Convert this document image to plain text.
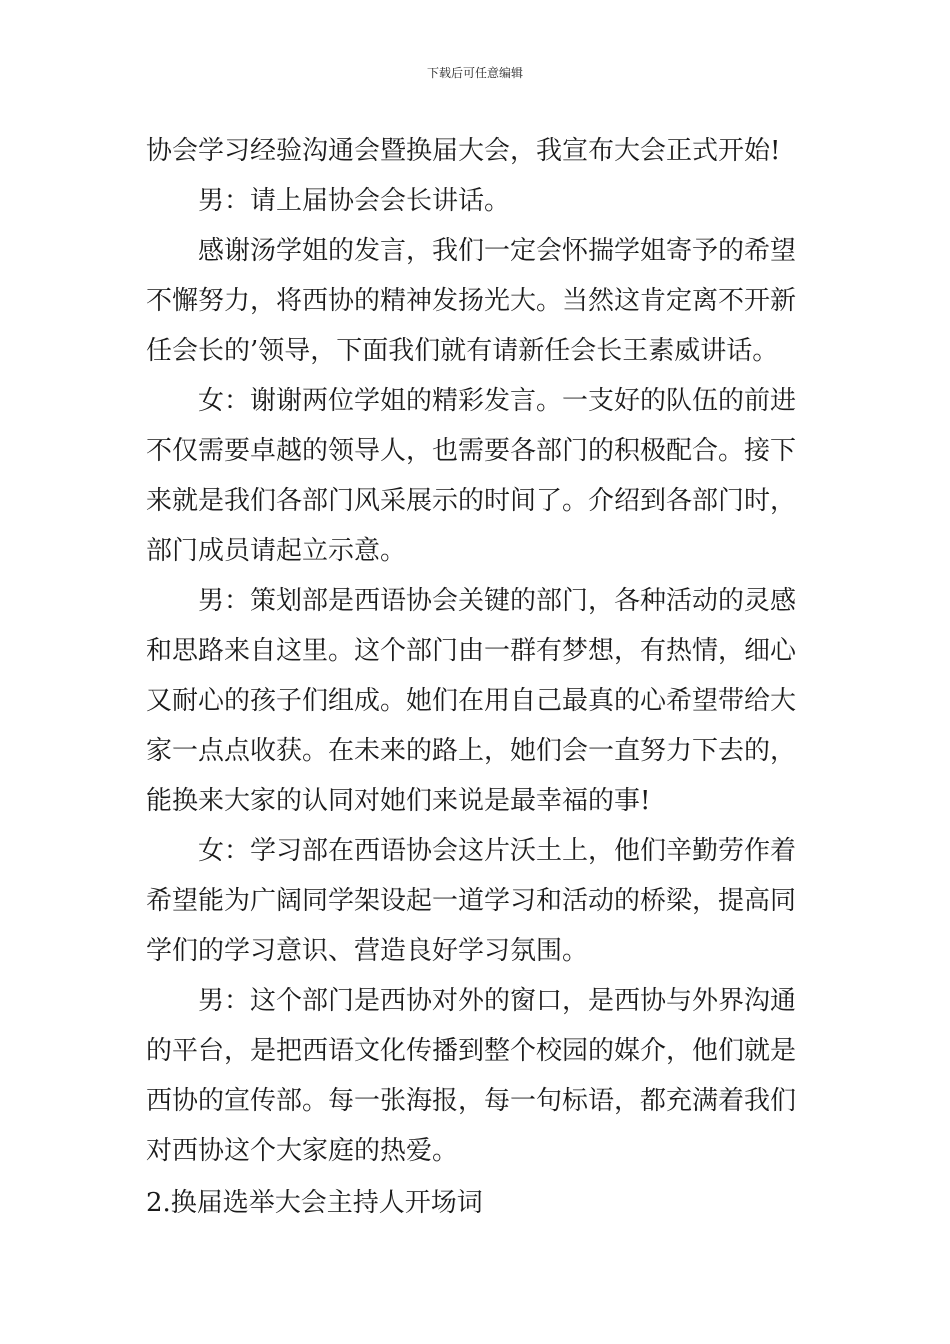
下载后可任意编辑
协会学习经验沟通会暨换届大会，我宣布大会正式开始!
男：请上届协会会长讲话。
感谢汤学姐的发言，我们一定会怀揣学姐寄予的希望
不懈努力，将西协的精神发扬光大。当然这肯定离不开新
任会长的’领导，下面我们就有请新任会长王素威讲话。
女：谢谢两位学姐的精彩发言。一支好的队伍的前进
不仅需要卓越的领导人，也需要各部门的积极配合。接下
来就是我们各部门风采展示的时间了。介绍到各部门时，
部门成员请起立示意。
男：策划部是西语协会关键的部门，各种活动的灵感
和思路来自这里。这个部门由一群有梦想，有热情，细心
又耐心的孩子们组成。她们在用自己最真的心希望带给大
家一点点收获。在未来的路上，她们会一直努力下去的，
能换来大家的认同对她们来说是最幸福的事!
女：学习部在西语协会这片沃土上，他们辛勤劳作着
希望能为广阔同学架设起一道学习和活动的桥梁，提高同
学们的学习意识、营造良好学习氛围。
男：这个部门是西协对外的窗口，是西协与外界沟通
的平台，是把西语文化传播到整个校园的媒介，他们就是
西协的宣传部。每一张海报，每一句标语，都充满着我们
对西协这个大家庭的热爱。
2.换届选举大会主持人开场词
